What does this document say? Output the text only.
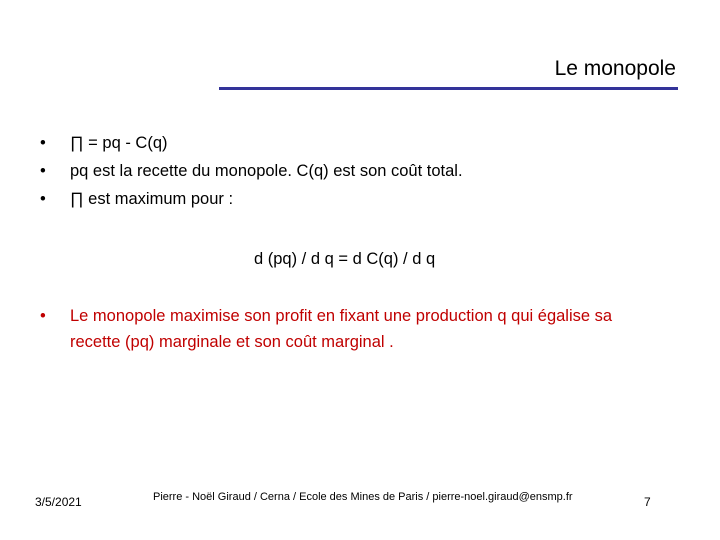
Le monopole
• ∏ = pq - C(q)
• pq est la recette du monopole. C(q) est son coût total.
• ∏ est maximum pour :
d (pq) / d q = d C(q) / d q
• Le monopole maximise son profit en fixant une production q qui égalise sa recette (pq) marginale et son coût marginal .
3/5/2021	Pierre - Noël Giraud / Cerna / Ecole des Mines de Paris / pierre-noel.giraud@ensmp.fr	7
